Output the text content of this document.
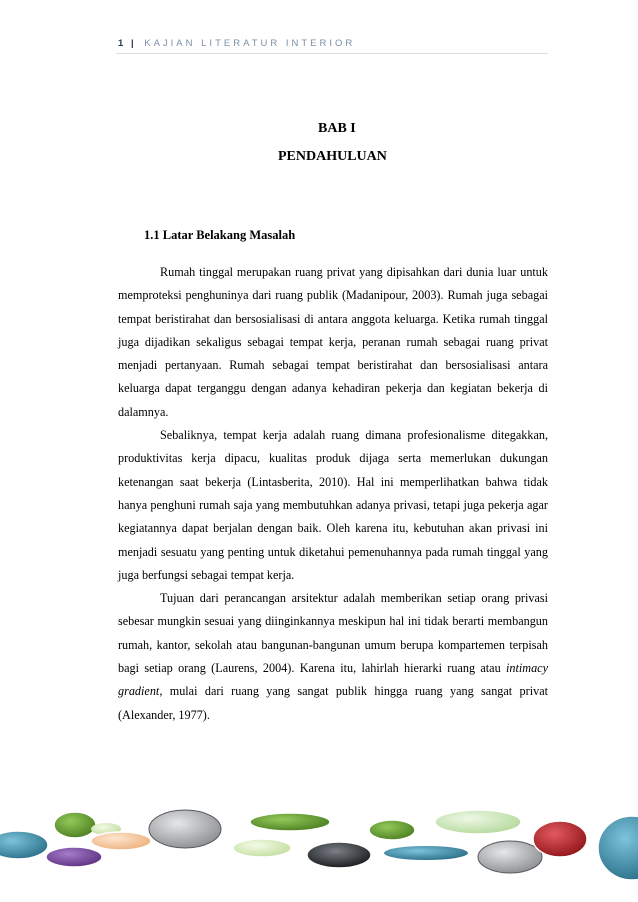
1 | KAJIAN LITERATUR INTERIOR
BAB I
PENDAHULUAN
1.1 Latar Belakang Masalah

Rumah tinggal merupakan ruang privat yang dipisahkan dari dunia luar untuk memproteksi penghuninya dari ruang publik (Madanipour, 2003). Rumah juga sebagai tempat beristirahat dan bersosialisasi di antara anggota keluarga. Ketika rumah tinggal juga dijadikan sekaligus sebagai tempat kerja, peranan rumah sebagai ruang privat menjadi pertanyaan. Rumah sebagai tempat beristirahat dan bersosialisasi antara keluarga dapat terganggu dengan adanya kehadiran pekerja dan kegiatan bekerja di dalamnya.

Sebaliknya, tempat kerja adalah ruang dimana profesionalisme ditegakkan, produktivitas kerja dipacu, kualitas produk dijaga serta memerlukan dukungan ketenangan saat bekerja (Lintasberita, 2010). Hal ini memperlihatkan bahwa tidak hanya penghuni rumah saja yang membutuhkan adanya privasi, tetapi juga pekerja agar kegiatannya dapat berjalan dengan baik. Oleh karena itu, kebutuhan akan privasi ini menjadi sesuatu yang penting untuk diketahui pemenuhannya pada rumah tinggal yang juga berfungsi sebagai tempat kerja.

Tujuan dari perancangan arsitektur adalah memberikan setiap orang privasi sebesar mungkin sesuai yang diinginkannya meskipun hal ini tidak berarti membangun rumah, kantor, sekolah atau bangunan-bangunan umum berupa kompartemen terpisah bagi setiap orang (Laurens, 2004). Karena itu, lahirlah hierarki ruang atau intimacy gradient, mulai dari ruang yang sangat publik hingga ruang yang sangat privat (Alexander, 1977).
